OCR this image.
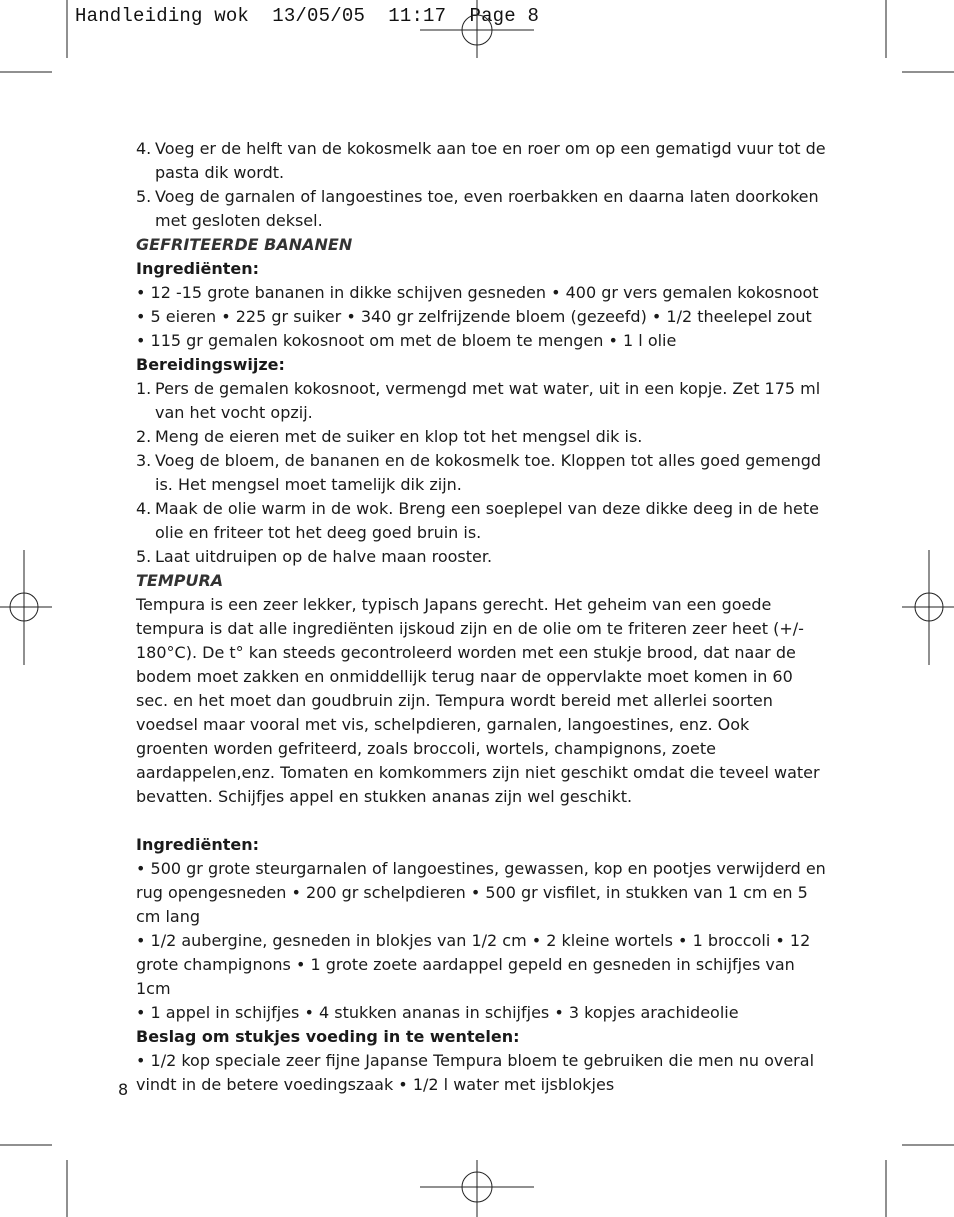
Handleiding wok  13/05/05  11:17  Page 8
4. Voeg er de helft van de kokosmelk aan toe en roer om op een gematigd vuur tot de pasta dik wordt.
5. Voeg de garnalen of langoestines toe, even roerbakken en daarna laten doorkoken met gesloten deksel.

GEFRITEERDE BANANEN

Ingrediënten:

• 12 -15 grote bananen in dikke schijven gesneden • 400 gr vers gemalen kokosnoot

• 5 eieren • 225 gr suiker • 340 gr zelfrijzende bloem (gezeefd) • 1/2 theelepel zout

• 115 gr gemalen kokosnoot om met de bloem te mengen • 1 l olie

Bereidingswijze:

1. Pers de gemalen kokosnoot, vermengd met wat water, uit in een kopje. Zet 175 ml van het vocht opzij.
2. Meng de eieren met de suiker en klop tot het mengsel dik is.
3. Voeg de bloem, de bananen en de kokosmelk toe. Kloppen tot alles goed gemengd is. Het mengsel moet tamelijk dik zijn.
4. Maak de olie warm in de wok. Breng een soeplepel van deze dikke deeg in de hete olie en friteer tot het deeg goed bruin is.
5. Laat uitdruipen op de halve maan rooster.

TEMPURA

Tempura is een zeer lekker, typisch Japans gerecht. Het geheim van een goede tempura is dat alle ingrediënten ijskoud zijn en de olie om te friteren zeer heet (+/- 180°C). De t° kan steeds gecontroleerd worden met een stukje brood, dat naar de bodem moet zakken en onmiddellijk terug naar de oppervlakte moet komen in 60 sec. en het moet dan goudbruin zijn. Tempura wordt bereid met allerlei soorten voedsel maar vooral met vis, schelpdieren, garnalen, langoestines, enz. Ook groenten worden gefriteerd, zoals broccoli, wortels, champignons, zoete aardappelen,enz. Tomaten en komkommers zijn niet geschikt omdat die teveel water bevatten. Schijfjes appel en stukken ananas zijn wel geschikt.

Ingrediënten:

• 500 gr grote steurgarnalen of langoestines, gewassen, kop en pootjes verwijderd en rug opengesneden • 200 gr schelpdieren • 500 gr visfilet, in stukken van 1 cm en 5 cm lang

• 1/2 aubergine, gesneden in blokjes van 1/2 cm • 2 kleine wortels • 1 broccoli • 12 grote champignons • 1 grote zoete aardappel gepeld en gesneden in schijfjes van 1cm

• 1 appel in schijfjes • 4 stukken ananas in schijfjes • 3 kopjes arachideolie

Beslag om stukjes voeding in te wentelen:

• 1/2 kop speciale zeer fijne Japanse Tempura bloem te gebruiken die men nu overal vindt in de betere voedingszaak • 1/2 l water met ijsblokjes

8
